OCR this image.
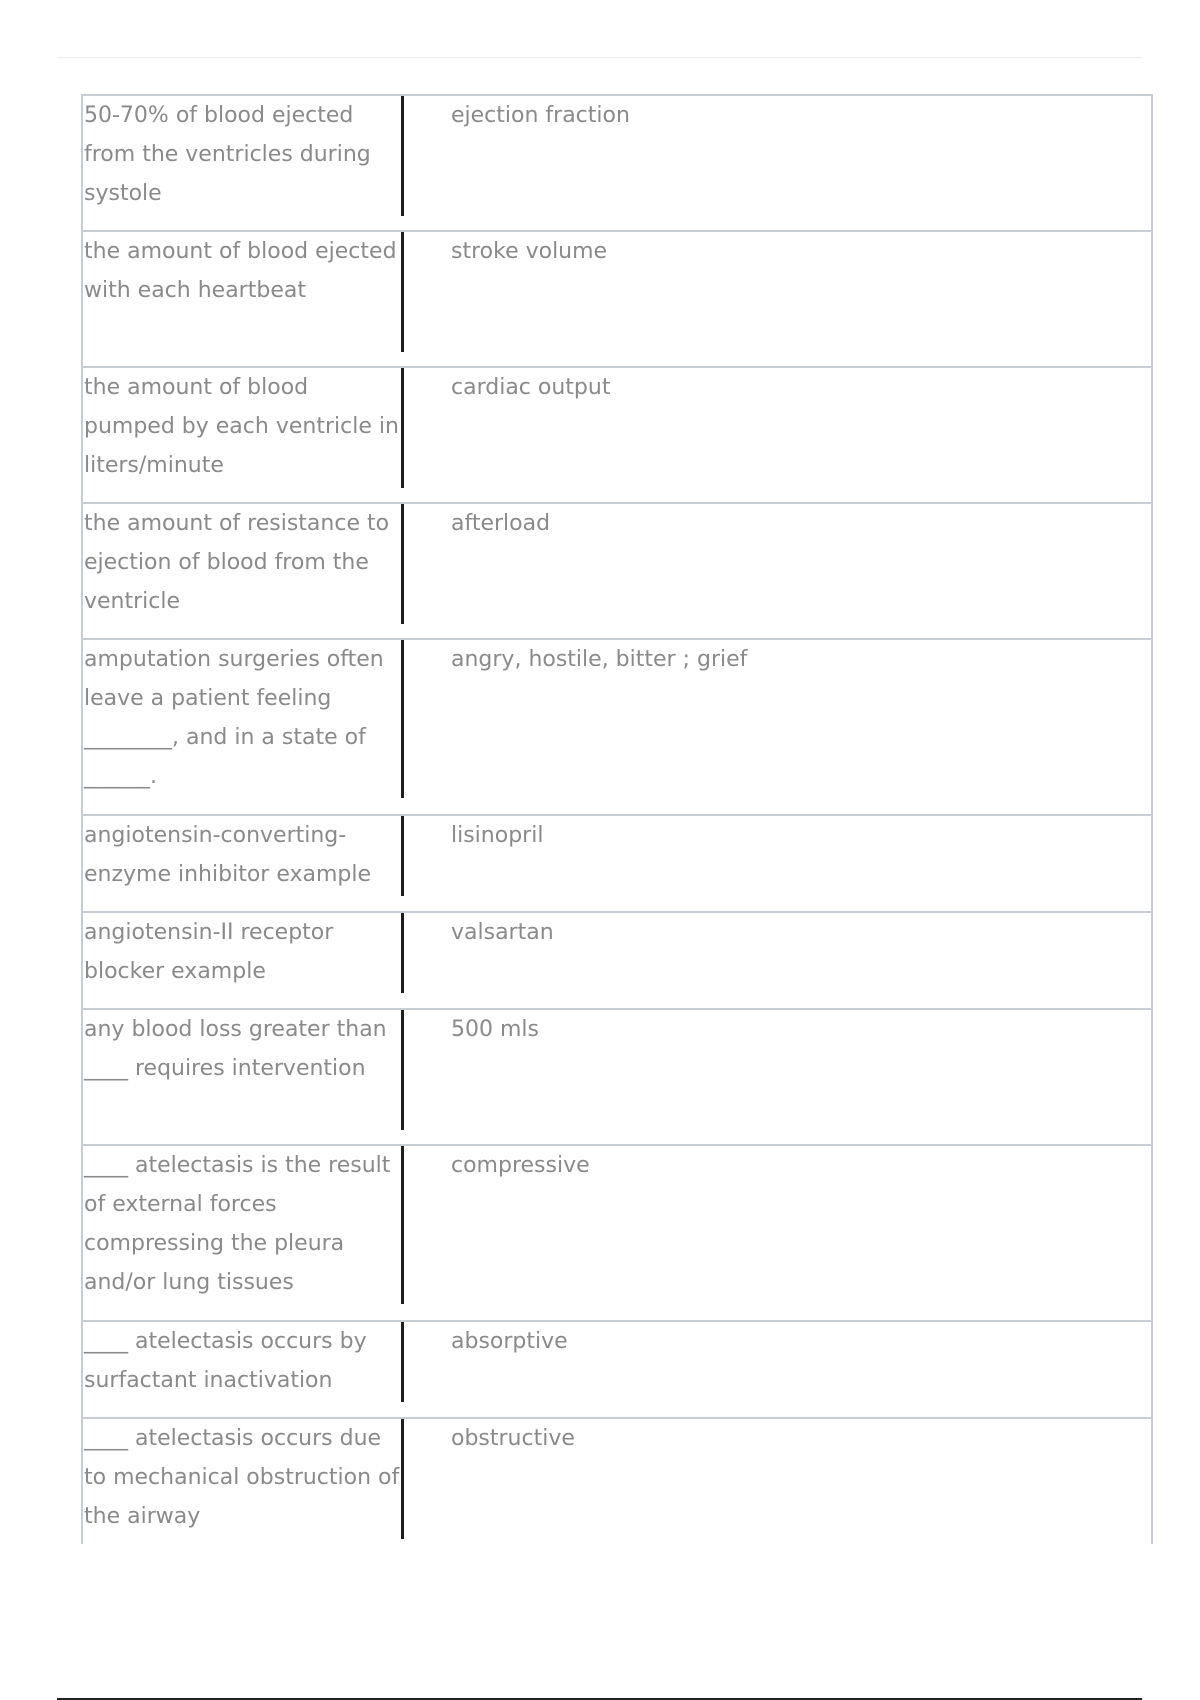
50-70% of blood ejected from the ventricles during systole
ejection fraction
the amount of blood ejected with each heartbeat
stroke volume
the amount of blood pumped by each ventricle in liters/minute
cardiac output
the amount of resistance to ejection of blood from the ventricle
afterload
amputation surgeries often leave a patient feeling ________, and in a state of ______.
angry, hostile, bitter ; grief
angiotensin-converting-enzyme inhibitor example
lisinopril
angiotensin-II receptor blocker example
valsartan
any blood loss greater than ____ requires intervention
500 mls
____ atelectasis is the result of external forces compressing the pleura and/or lung tissues
compressive
____ atelectasis occurs by surfactant inactivation
absorptive
____ atelectasis occurs due to mechanical obstruction of the airway
obstructive
